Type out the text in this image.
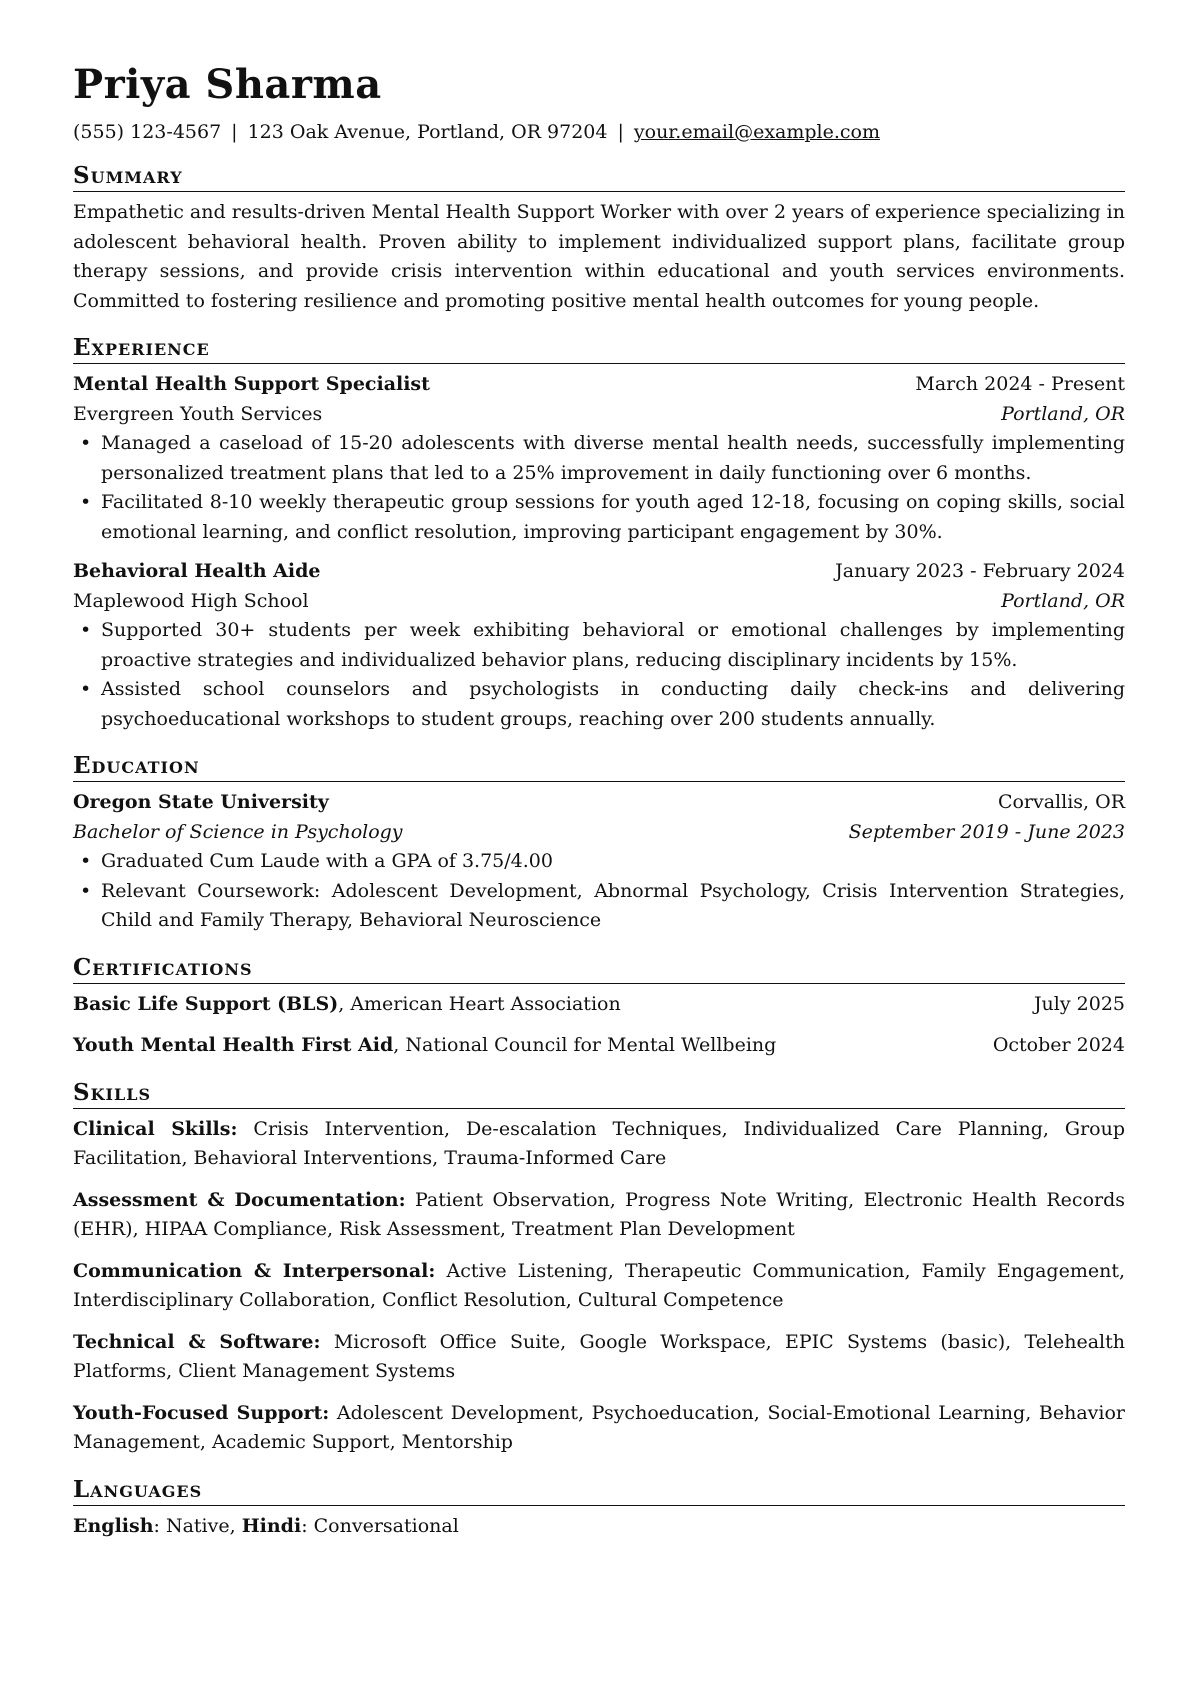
Priya Sharma
(555) 123-4567 | 123 Oak Avenue, Portland, OR 97204 | your.email@example.com
Summary
Empathetic and results-driven Mental Health Support Worker with over 2 years of experience specializing in adolescent behavioral health. Proven ability to implement individualized support plans, facilitate group therapy sessions, and provide crisis intervention within educational and youth services environments. Committed to fostering resilience and promoting positive mental health outcomes for young people.
Experience
Mental Health Support Specialist	March 2024 - Present
Evergreen Youth Services	Portland, OR
• Managed a caseload of 15-20 adolescents with diverse mental health needs, successfully implementing personalized treatment plans that led to a 25% improvement in daily functioning over 6 months.
• Facilitated 8-10 weekly therapeutic group sessions for youth aged 12-18, focusing on coping skills, social emotional learning, and conflict resolution, improving participant engagement by 30%.
Behavioral Health Aide	January 2023 - February 2024
Maplewood High School	Portland, OR
• Supported 30+ students per week exhibiting behavioral or emotional challenges by implementing proactive strategies and individualized behavior plans, reducing disciplinary incidents by 15%.
• Assisted school counselors and psychologists in conducting daily check-ins and delivering psychoeducational workshops to student groups, reaching over 200 students annually.
Education
Oregon State University	Corvallis, OR
Bachelor of Science in Psychology	September 2019 - June 2023
• Graduated Cum Laude with a GPA of 3.75/4.00
• Relevant Coursework: Adolescent Development, Abnormal Psychology, Crisis Intervention Strategies, Child and Family Therapy, Behavioral Neuroscience
Certifications
Basic Life Support (BLS), American Heart Association	July 2025
Youth Mental Health First Aid, National Council for Mental Wellbeing	October 2024
Skills
Clinical Skills: Crisis Intervention, De-escalation Techniques, Individualized Care Planning, Group Facilitation, Behavioral Interventions, Trauma-Informed Care
Assessment & Documentation: Patient Observation, Progress Note Writing, Electronic Health Records (EHR), HIPAA Compliance, Risk Assessment, Treatment Plan Development
Communication & Interpersonal: Active Listening, Therapeutic Communication, Family Engagement, Interdisciplinary Collaboration, Conflict Resolution, Cultural Competence
Technical & Software: Microsoft Office Suite, Google Workspace, EPIC Systems (basic), Telehealth Platforms, Client Management Systems
Youth-Focused Support: Adolescent Development, Psychoeducation, Social-Emotional Learning, Behavior Management, Academic Support, Mentorship
Languages
English: Native, Hindi: Conversational
